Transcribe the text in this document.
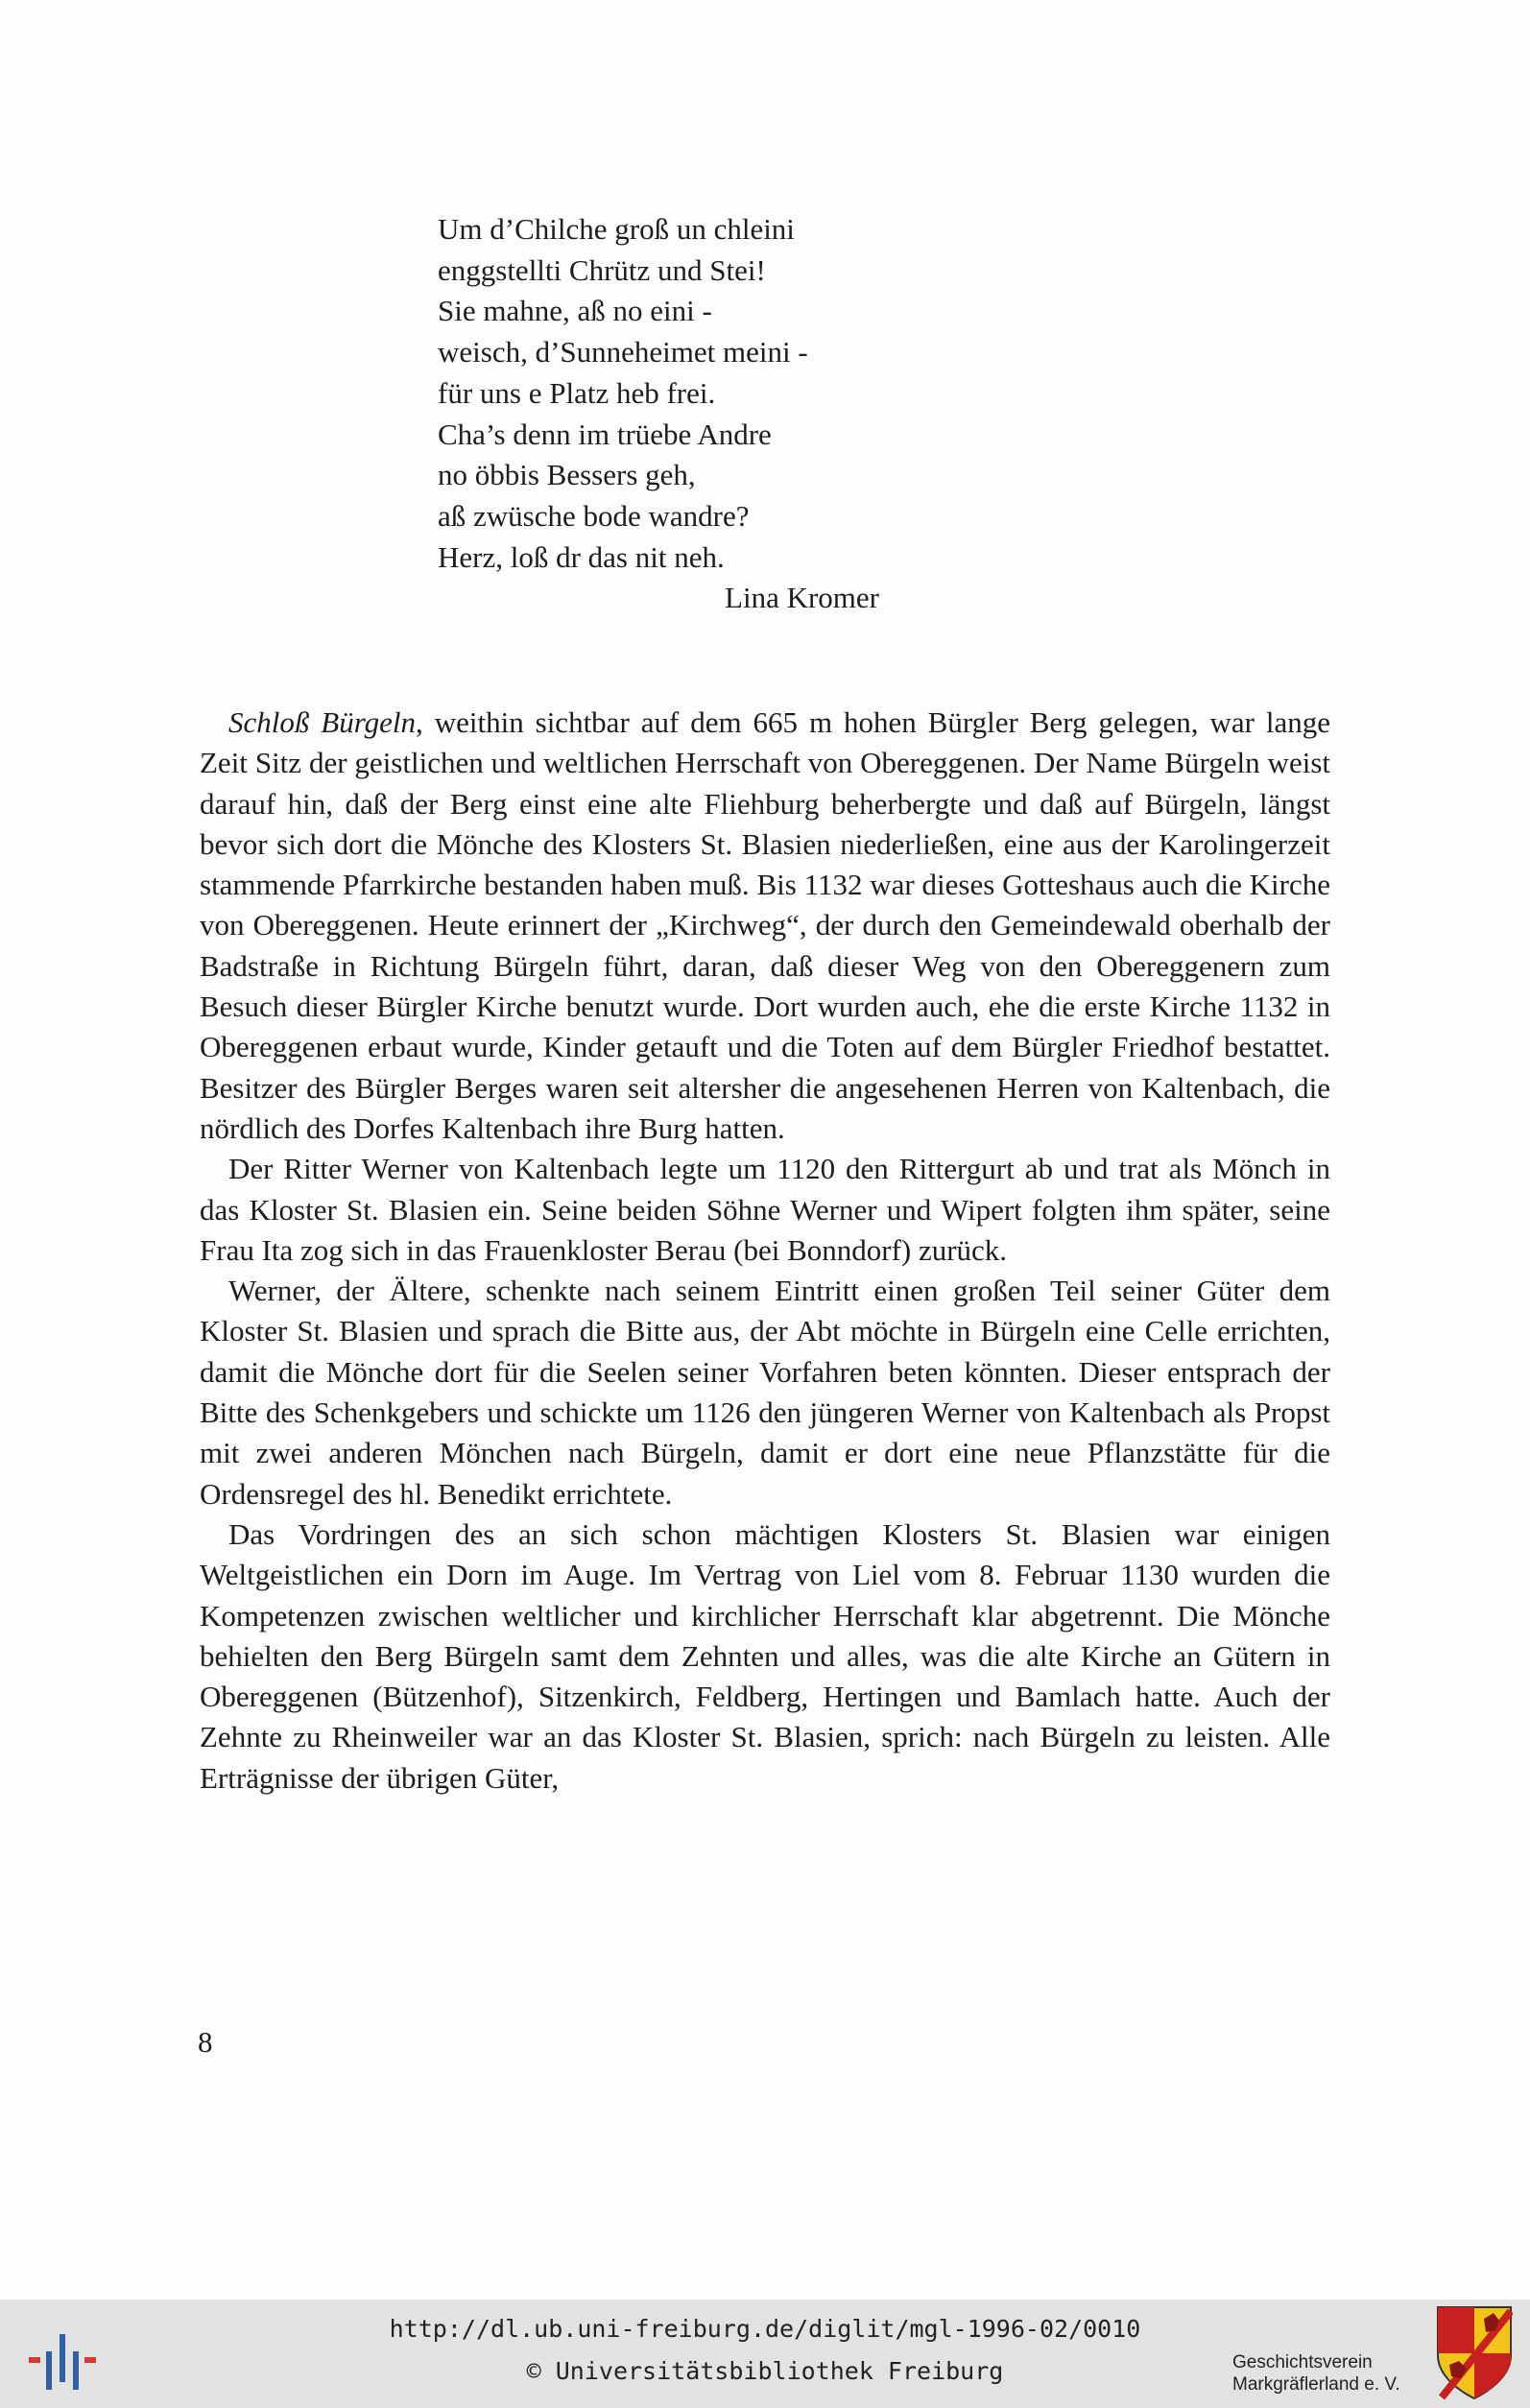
Um d’Chilche groß un chleini
enggstellti Chrütz und Stei!
Sie mahne, aß no eini -
weisch, d’Sunneheimet meini -
für uns e Platz heb frei.
Cha’s denn im trüebe Andre
no öbbis Bessers geh,
aß zwüsche bode wandre?
Herz, loß dr das nit neh.
Lina Kromer

Schloß Bürgeln, weithin sichtbar auf dem 665 m hohen Bürgler Berg gelegen, war lange Zeit Sitz der geistlichen und weltlichen Herrschaft von Obereggenen. Der Name Bürgeln weist darauf hin, daß der Berg einst eine alte Fliehburg beherbergte und daß auf Bürgeln, längst bevor sich dort die Mönche des Klosters St. Blasien niederließen, eine aus der Karolingerzeit stammende Pfarrkirche bestanden haben muß. Bis 1132 war dieses Gotteshaus auch die Kirche von Obereggenen. Heute erinnert der „Kirchweg“, der durch den Gemeindewald oberhalb der Badstraße in Richtung Bürgeln führt, daran, daß dieser Weg von den Obereggenern zum Besuch dieser Bürgler Kirche benutzt wurde. Dort wurden auch, ehe die erste Kirche 1132 in Obereggenen erbaut wurde, Kinder getauft und die Toten auf dem Bürgler Friedhof bestattet. Besitzer des Bürgler Berges waren seit altersher die angesehenen Herren von Kaltenbach, die nördlich des Dorfes Kaltenbach ihre Burg hatten.

Der Ritter Werner von Kaltenbach legte um 1120 den Rittergurt ab und trat als Mönch in das Kloster St. Blasien ein. Seine beiden Söhne Werner und Wipert folgten ihm später, seine Frau Ita zog sich in das Frauenkloster Berau (bei Bonndorf) zurück.

Werner, der Ältere, schenkte nach seinem Eintritt einen großen Teil seiner Güter dem Kloster St. Blasien und sprach die Bitte aus, der Abt möchte in Bürgeln eine Celle errichten, damit die Mönche dort für die Seelen seiner Vorfahren beten könnten. Dieser entsprach der Bitte des Schenkgebers und schickte um 1126 den jüngeren Werner von Kaltenbach als Propst mit zwei anderen Mönchen nach Bürgeln, damit er dort eine neue Pflanzstätte für die Ordensregel des hl. Benedikt errichtete.

Das Vordringen des an sich schon mächtigen Klosters St. Blasien war einigen Weltgeistlichen ein Dorn im Auge. Im Vertrag von Liel vom 8. Februar 1130 wurden die Kompetenzen zwischen weltlicher und kirchlicher Herrschaft klar abgetrennt. Die Mönche behielten den Berg Bürgeln samt dem Zehnten und alles, was die alte Kirche an Gütern in Obereggenen (Bützenhof), Sitzenkirch, Feldberg, Hertingen und Bamlach hatte. Auch der Zehnte zu Rheinweiler war an das Kloster St. Blasien, sprich: nach Bürgeln zu leisten. Alle Erträgnisse der übrigen Güter,

8
http://dl.ub.uni-freiburg.de/diglit/mgl-1996-02/0010
© Universitätsbibliothek Freiburg	Geschichtsverein
Markgräflerland e. V.
